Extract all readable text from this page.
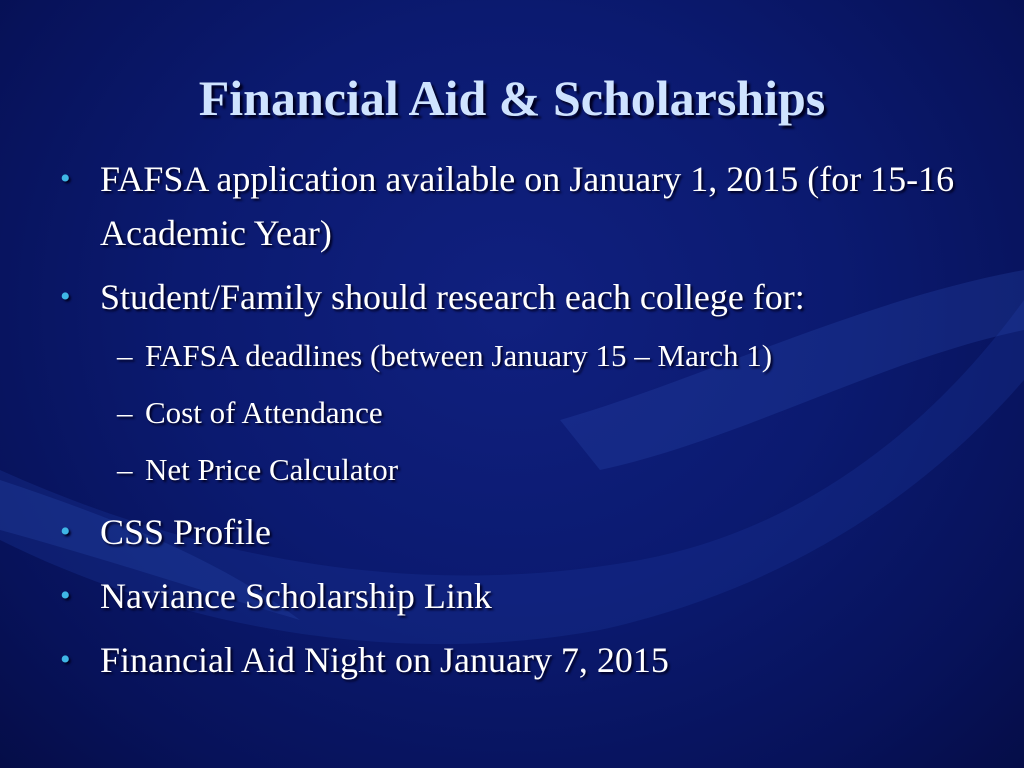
Financial Aid & Scholarships
• FAFSA application available on January 1, 2015 (for 15-16 Academic Year)
• Student/Family should research each college for:
– FAFSA deadlines (between January 15 – March 1)
– Cost of Attendance
– Net Price Calculator
• CSS Profile
• Naviance Scholarship Link
• Financial Aid Night on January 7, 2015
